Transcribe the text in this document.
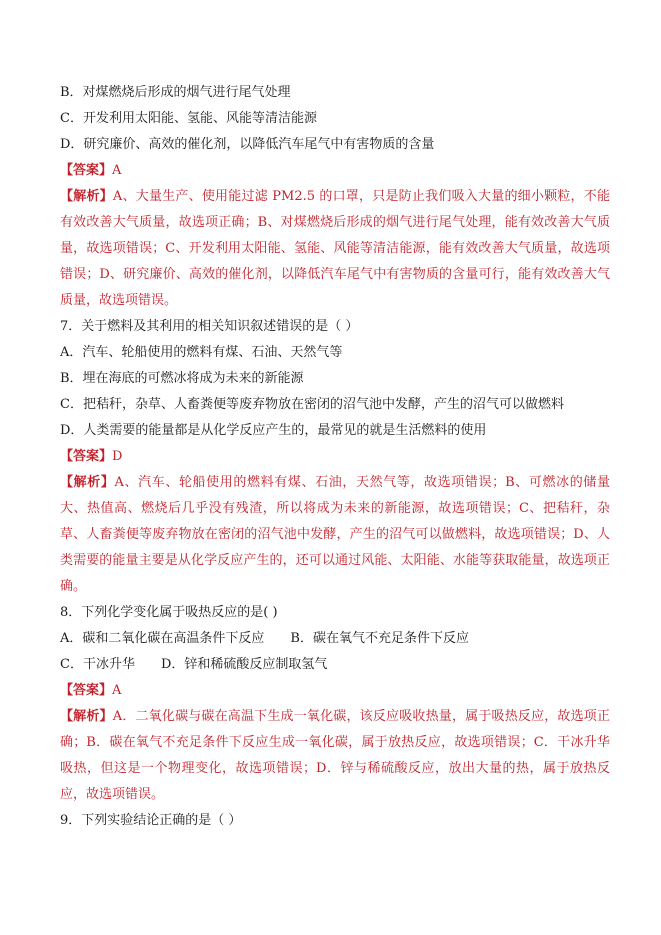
B．对煤燃烧后形成的烟气进行尾气处理
C．开发利用太阳能、氢能、风能等清洁能源
D．研究廉价、高效的催化剂，以降低汽车尾气中有害物质的含量
【答案】A
【解析】A、大量生产、使用能过滤 PM2.5 的口罩，只是防止我们吸入大量的细小颗粒，不能有效改善大气质量，故选项正确；B、对煤燃烧后形成的烟气进行尾气处理，能有效改善大气质量，故选项错误；C、开发利用太阳能、氢能、风能等清洁能源，能有效改善大气质量，故选项错误；D、研究廉价、高效的催化剂，以降低汽车尾气中有害物质的含量可行，能有效改善大气质量，故选项错误。
7．关于燃料及其利用的相关知识叙述错误的是（ ）
A．汽车、轮船使用的燃料有煤、石油、天然气等
B．埋在海底的可燃冰将成为未来的新能源
C．把秸秆，杂草、人畜粪便等废弃物放在密闭的沼气池中发酵，产生的沼气可以做燃料
D．人类需要的能量都是从化学反应产生的，最常见的就是生活燃料的使用
【答案】D
【解析】A、汽车、轮船使用的燃料有煤、石油，天然气等，故选项错误；B、可燃冰的储量大、热值高、燃烧后几乎没有残渣，所以将成为未来的新能源，故选项错误；C、把秸秆，杂草、人畜粪便等废弃物放在密闭的沼气池中发酵，产生的沼气可以做燃料，故选项错误；D、人类需要的能量主要是从化学反应产生的，还可以通过风能、太阳能、水能等获取能量，故选项正确。
8．下列化学变化属于吸热反应的是( )
A．碳和二氧化碳在高温条件下反应 B．碳在氧气不充足条件下反应
C．干冰升华 D．锌和稀硫酸反应制取氢气
【答案】A
【解析】A．二氧化碳与碳在高温下生成一氧化碳，该反应吸收热量，属于吸热反应，故选项正确；B．碳在氧气不充足条件下反应生成一氧化碳，属于放热反应，故选项错误；C．干冰升华吸热，但这是一个物理变化，故选项错误；D．锌与稀硫酸反应，放出大量的热，属于放热反应，故选项错误。
9．下列实验结论正确的是（ ）
